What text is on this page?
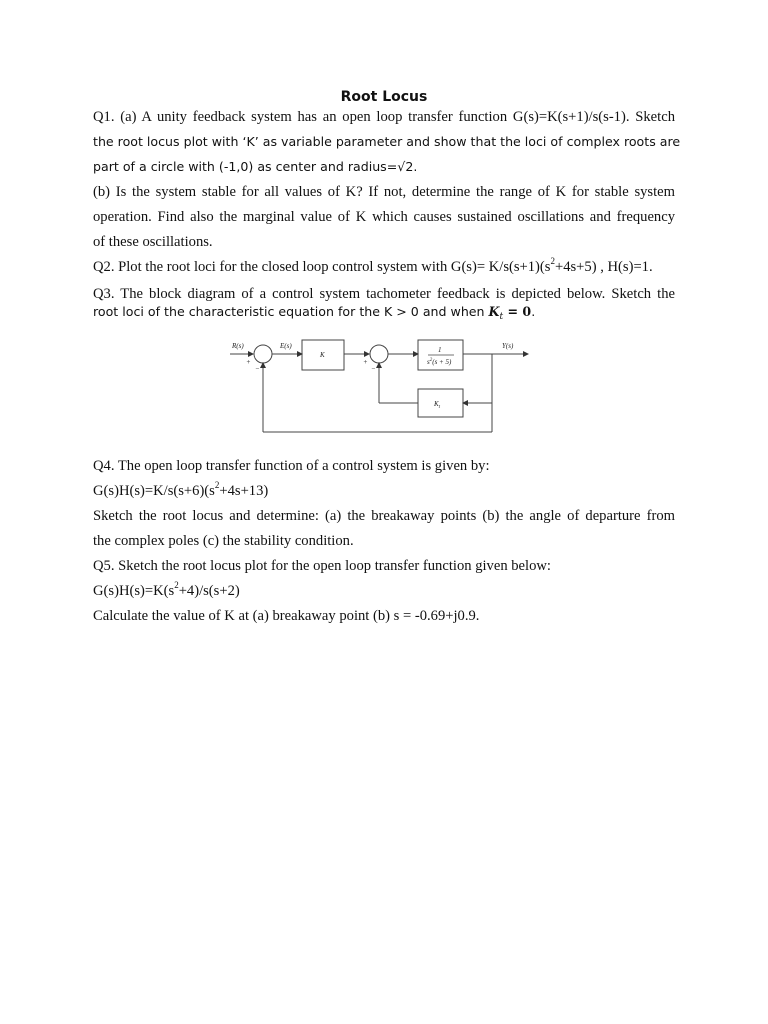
Root Locus
Q1. (a) A unity feedback system has an open loop transfer function G(s)=K(s+1)/s(s-1). Sketch
the root locus plot with ‘K’ as variable parameter and show that the loci of complex roots are
part of a circle with (-1,0) as center and radius=√2.
(b) Is the system stable for all values of K? If not, determine the range of K for stable system
operation. Find also the marginal value of K which causes sustained oscillations and frequency
of these oscillations.
Q2. Plot the root loci for the closed loop control system with $G(s)= K/s(s+1)(s^2+4s+5)$ , H(s)=1.
Q3. The block diagram of a control system tachometer feedback is depicted below. Sketch the
root loci of the characteristic equation for the K > 0 and when $K_t = 0$.
R(s)	E(s)
K
1
$s^2(s + 5)$
Y(s)
$K_t$
+
−
+
−
Q4. The open loop transfer function of a control system is given by:
$G(s)H(s)=K/s(s+6)(s^2+4s+13)$
Sketch the root locus and determine: (a) the breakaway points (b) the angle of departure from
the complex poles (c) the stability condition.
Q5. Sketch the root locus plot for the open loop transfer function given below:
$G(s)H(s)=K(s^2+4)/s(s+2)$
Calculate the value of K at (a) breakaway point (b) s = -0.69+j0.9.
